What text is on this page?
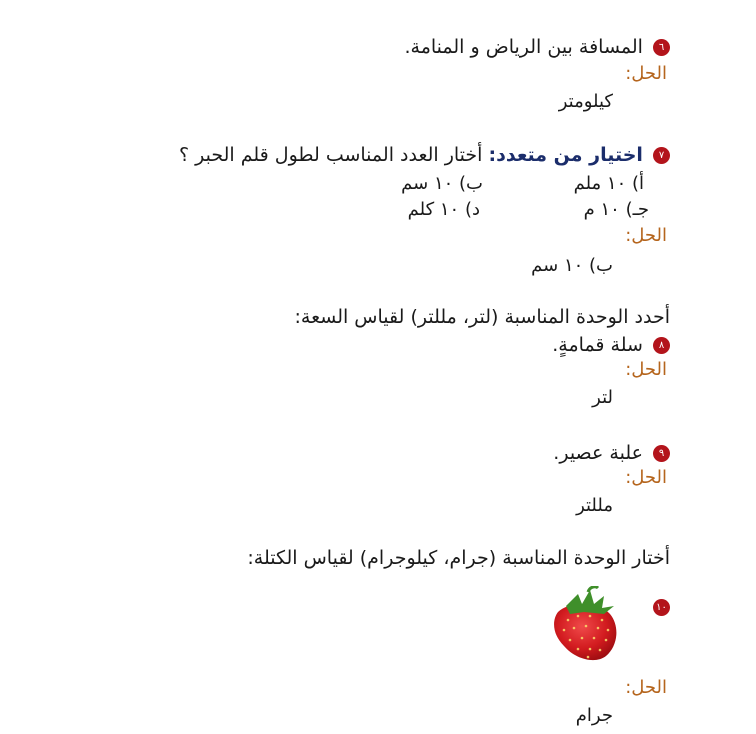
٦ المسافة بين الرياض و المنامة.
الحل:
كيلومتر
٧ اختيار من متعدد: أختار العدد المناسب لطول قلم الحبر ؟
أ) ١٠ ملم
ب) ١٠ سم
جـ) ١٠ م
د) ١٠ كلم
الحل:
ب) ١٠ سم
أحدد الوحدة المناسبة (لتر، مللتر) لقياس السعة:
٨ سلة قمامةٍ.
الحل:
لتر
٩ علبة عصير.
الحل:
مللتر
أختار الوحدة المناسبة (جرام، كيلوجرام) لقياس الكتلة:
١٠
الحل:
جرام
